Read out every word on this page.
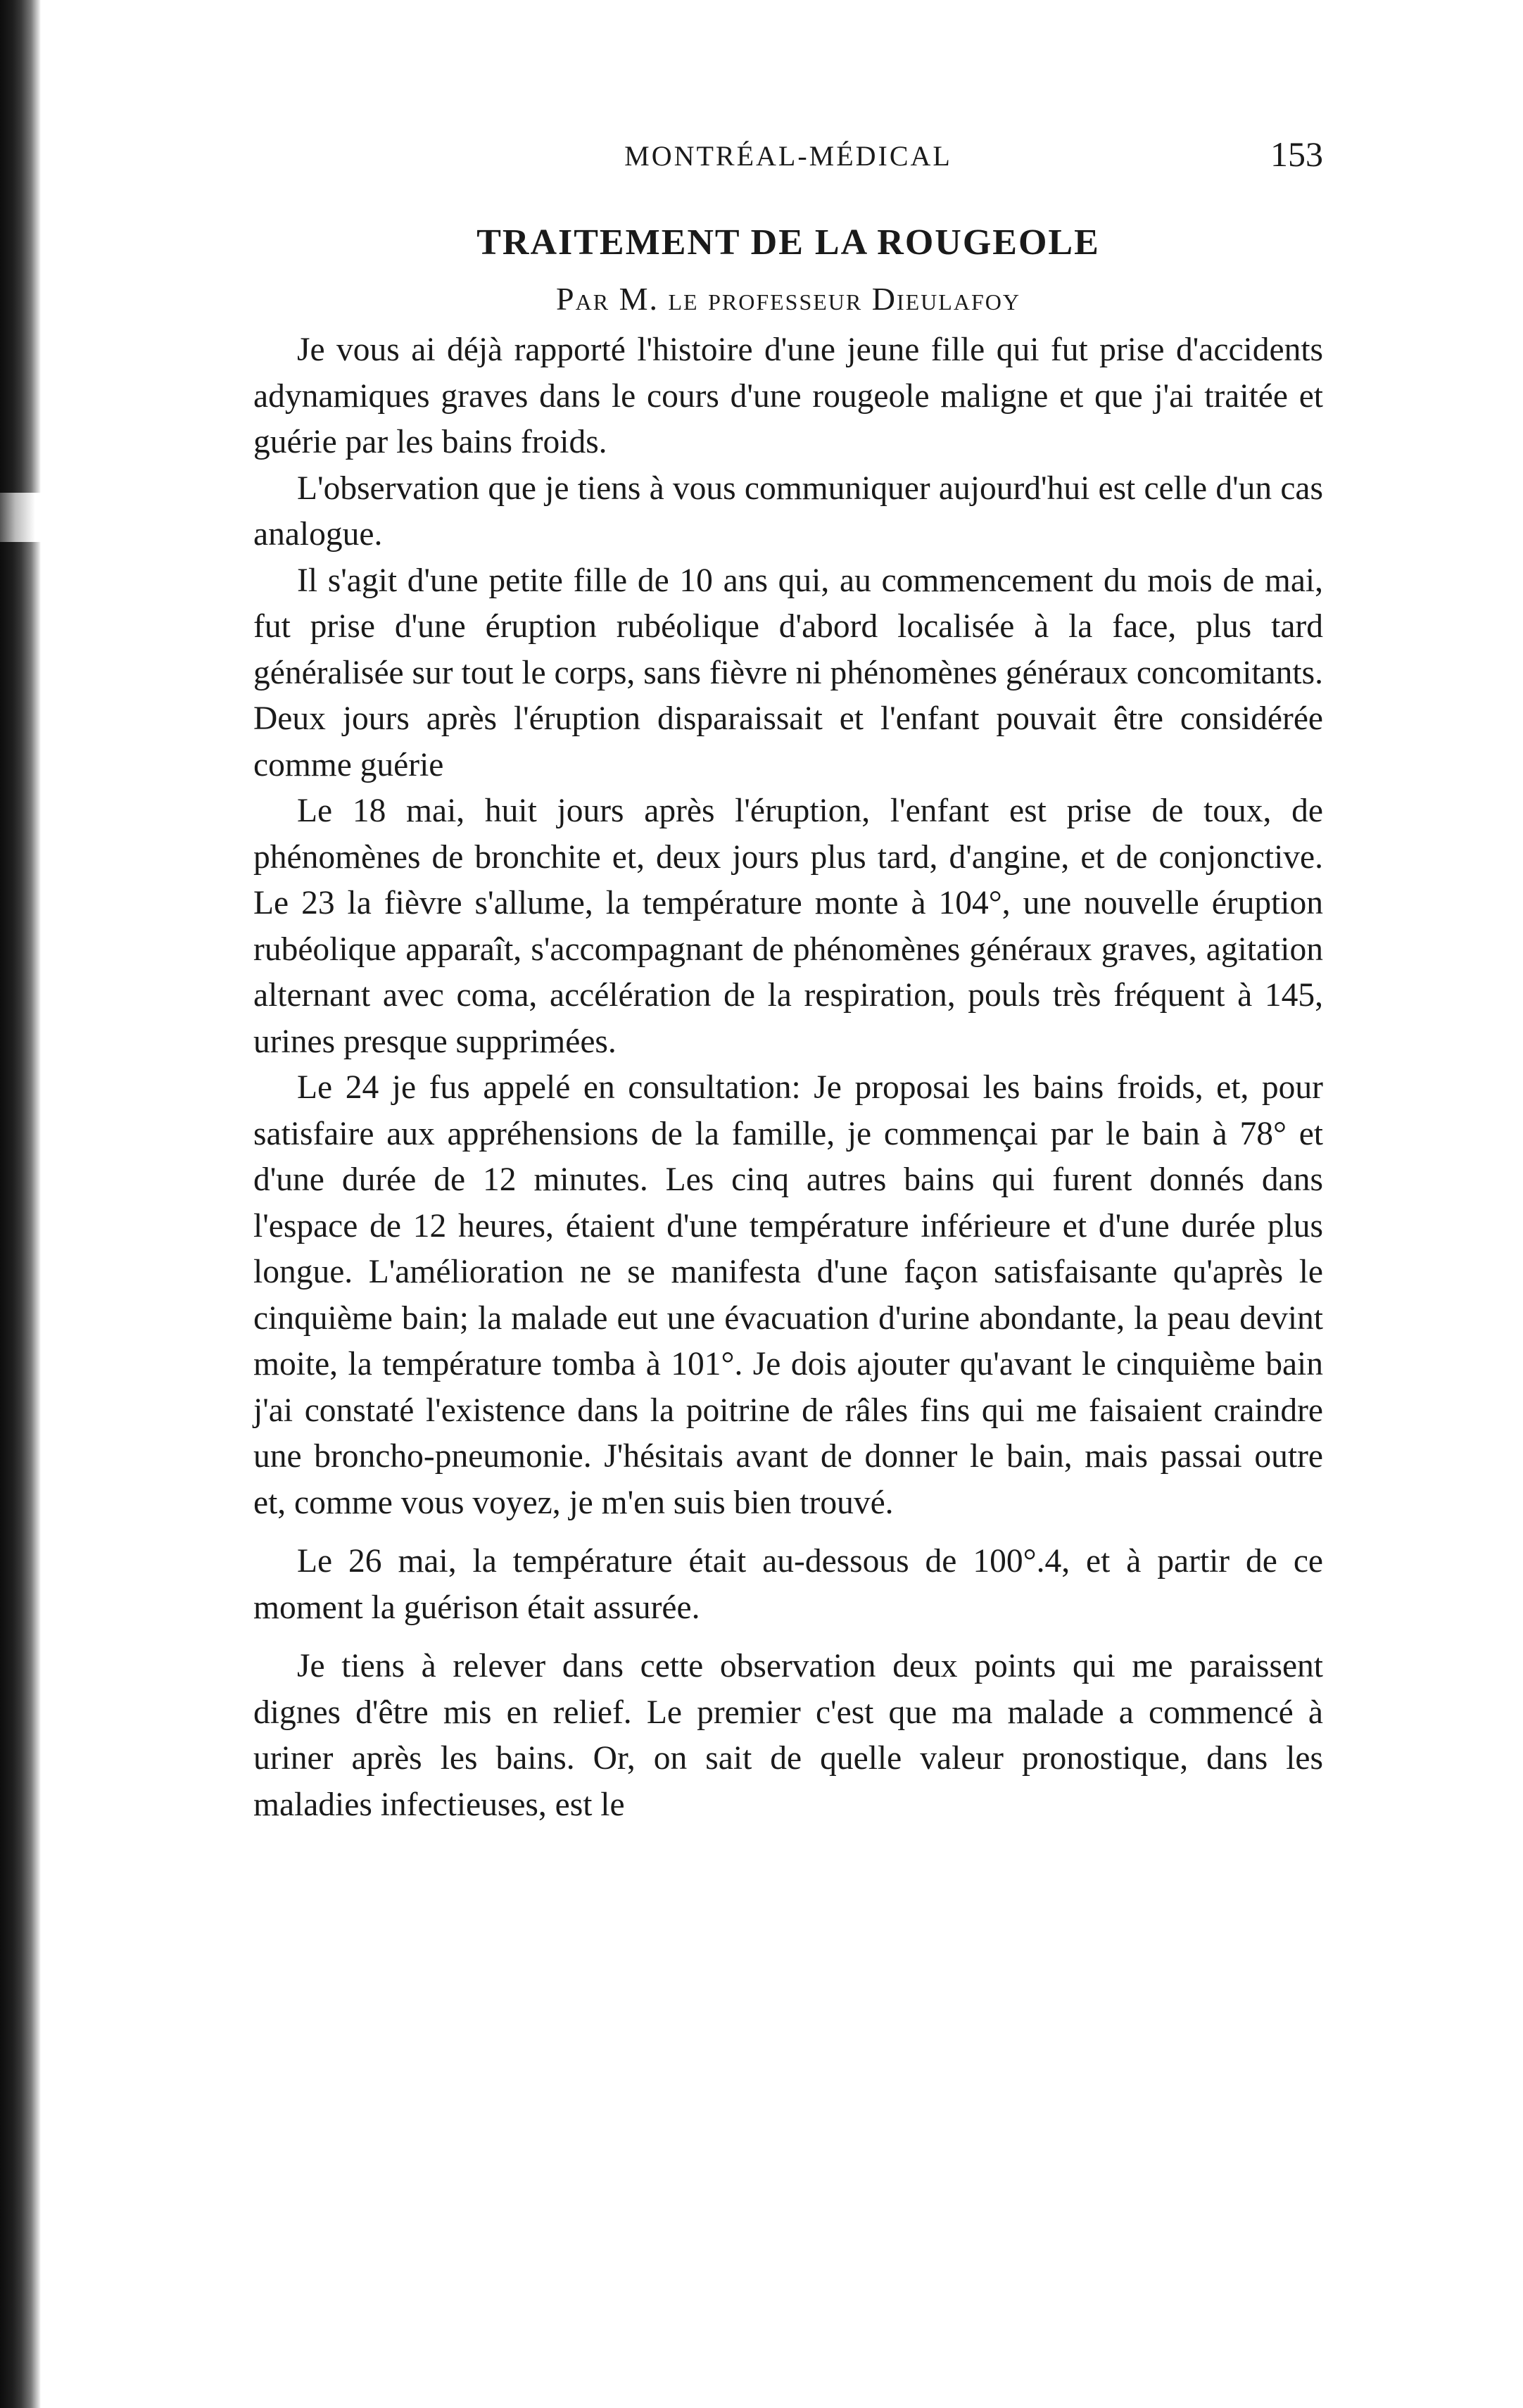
MONTRÉAL-MÉDICAL	153
TRAITEMENT DE LA ROUGEOLE
Par M. le professeur Dieulafoy

Je vous ai déjà rapporté l'histoire d'une jeune fille qui fut prise d'accidents adynamiques graves dans le cours d'une rougeole maligne et que j'ai traitée et guérie par les bains froids.

L'observation que je tiens à vous communiquer aujourd'hui est celle d'un cas analogue.

Il s'agit d'une petite fille de 10 ans qui, au commencement du mois de mai, fut prise d'une éruption rubéolique d'abord localisée à la face, plus tard généralisée sur tout le corps, sans fièvre ni phénomènes généraux concomitants. Deux jours après l'éruption disparaissait et l'enfant pouvait être considérée comme guérie

Le 18 mai, huit jours après l'éruption, l'enfant est prise de toux, de phénomènes de bronchite et, deux jours plus tard, d'angine, et de conjonctive. Le 23 la fièvre s'allume, la température monte à 104°, une nouvelle éruption rubéolique apparaît, s'accompagnant de phénomènes généraux graves, agitation alternant avec coma, accélération de la respiration, pouls très fréquent à 145, urines presque supprimées.

Le 24 je fus appelé en consultation: Je proposai les bains froids, et, pour satisfaire aux appréhensions de la famille, je commençai par le bain à 78° et d'une durée de 12 minutes. Les cinq autres bains qui furent donnés dans l'espace de 12 heures, étaient d'une température inférieure et d'une durée plus longue. L'amélioration ne se manifesta d'une façon satisfaisante qu'après le cinquième bain; la malade eut une évacuation d'urine abondante, la peau devint moite, la température tomba à 101°. Je dois ajouter qu'avant le cinquième bain j'ai constaté l'existence dans la poitrine de râles fins qui me faisaient craindre une broncho-pneumonie. J'hésitais avant de donner le bain, mais passai outre et, comme vous voyez, je m'en suis bien trouvé.

Le 26 mai, la température était au-dessous de 100°.4, et à partir de ce moment la guérison était assurée.

Je tiens à relever dans cette observation deux points qui me paraissent dignes d'être mis en relief. Le premier c'est que ma malade a commencé à uriner après les bains. Or, on sait de quelle valeur pronostique, dans les maladies infectieuses, est le
